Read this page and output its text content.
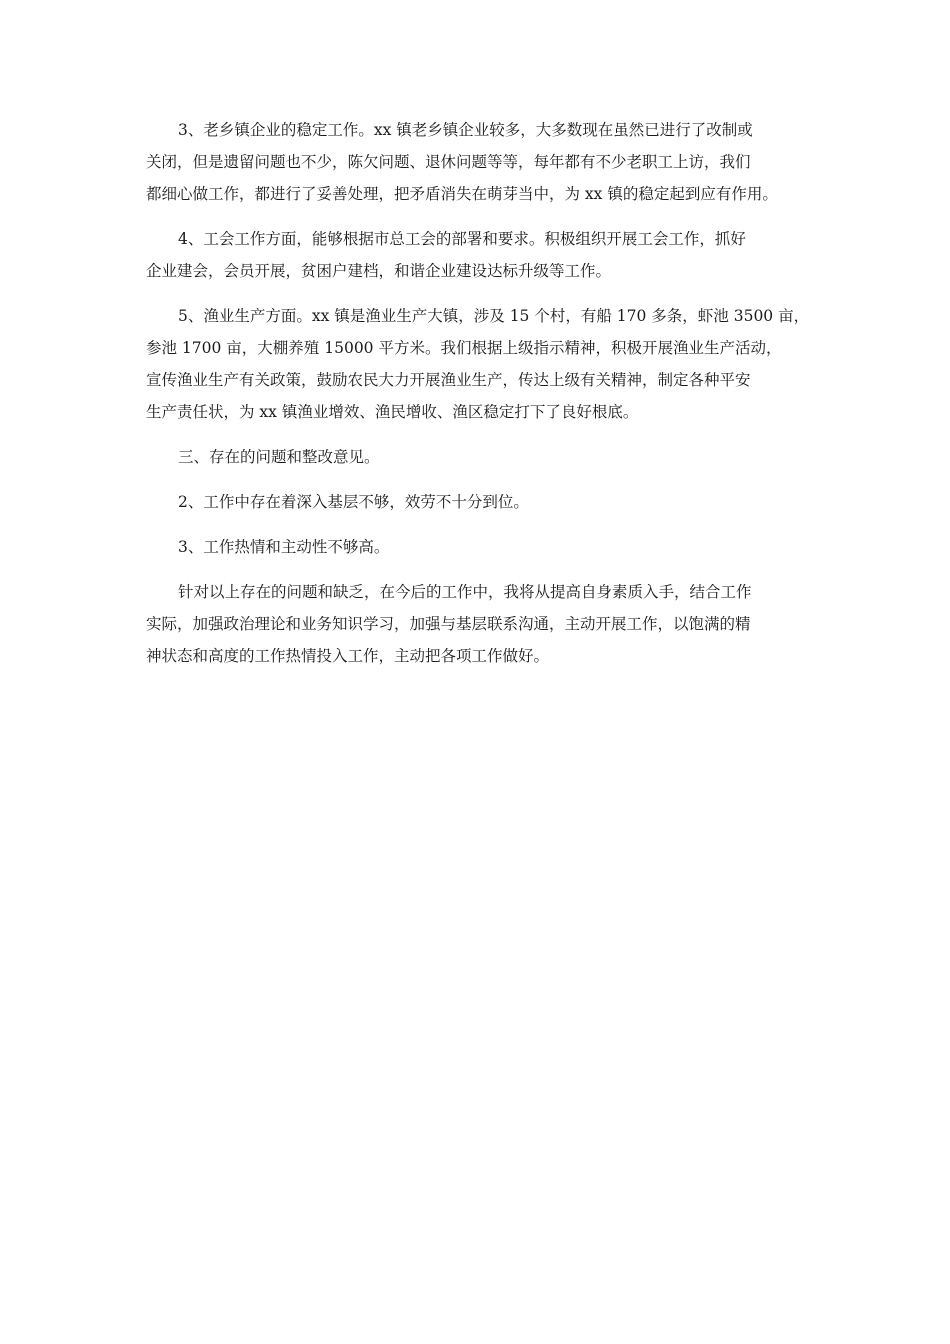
3、老乡镇企业的稳定工作。xx 镇老乡镇企业较多，大多数现在虽然已进行了改制或
关闭，但是遗留问题也不少，陈欠问题、退休问题等等，每年都有不少老职工上访，我们
都细心做工作，都进行了妥善处理，把矛盾消失在萌芽当中，为 xx 镇的稳定起到应有作用。

4、工会工作方面，能够根据市总工会的部署和要求。积极组织开展工会工作，抓好
企业建会，会员开展，贫困户建档，和谐企业建设达标升级等工作。

5、渔业生产方面。xx 镇是渔业生产大镇，涉及 15 个村，有船 170 多条，虾池 3500 亩，
参池 1700 亩，大棚养殖 15000 平方米。我们根据上级指示精神，积极开展渔业生产活动，
宣传渔业生产有关政策，鼓励农民大力开展渔业生产，传达上级有关精神，制定各种平安
生产责任状，为 xx 镇渔业增效、渔民增收、渔区稳定打下了良好根底。

三、存在的问题和整改意见。

2、工作中存在着深入基层不够，效劳不十分到位。

3、工作热情和主动性不够高。

针对以上存在的问题和缺乏，在今后的工作中，我将从提高自身素质入手，结合工作
实际，加强政治理论和业务知识学习，加强与基层联系沟通，主动开展工作，以饱满的精
神状态和高度的工作热情投入工作，主动把各项工作做好。
